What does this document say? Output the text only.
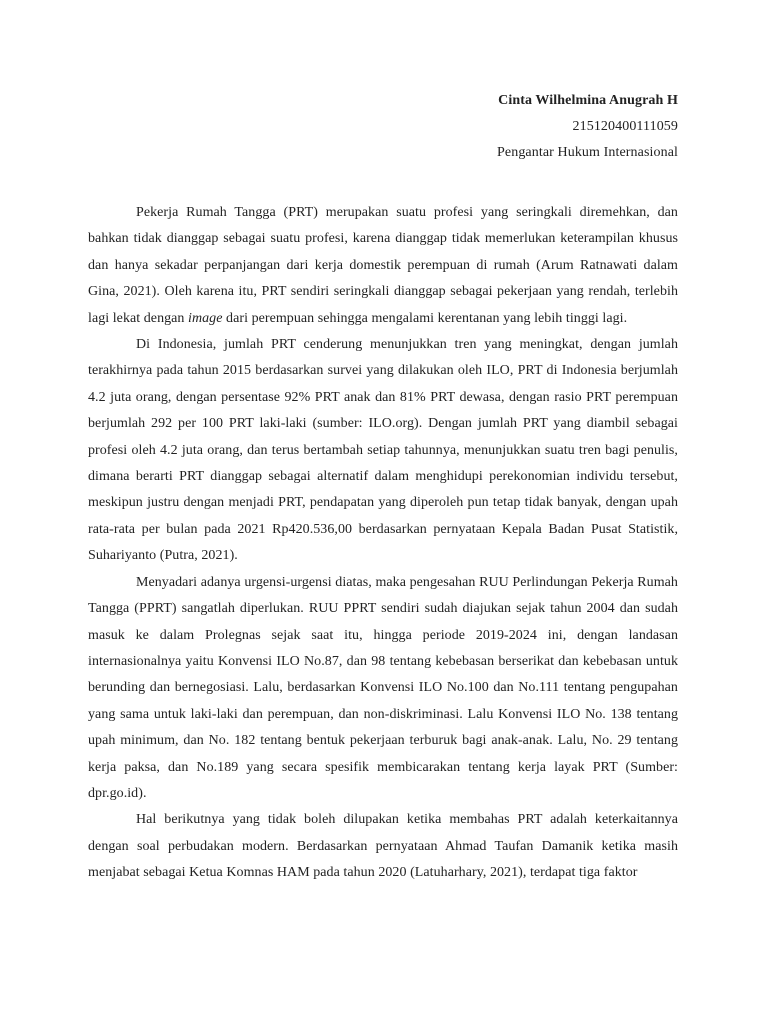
Cinta Wilhelmina Anugrah H
215120400111059
Pengantar Hukum Internasional

Pekerja Rumah Tangga (PRT) merupakan suatu profesi yang seringkali diremehkan, dan bahkan tidak dianggap sebagai suatu profesi, karena dianggap tidak memerlukan keterampilan khusus dan hanya sekadar perpanjangan dari kerja domestik perempuan di rumah (Arum Ratnawati dalam Gina, 2021). Oleh karena itu, PRT sendiri seringkali dianggap sebagai pekerjaan yang rendah, terlebih lagi lekat dengan image dari perempuan sehingga mengalami kerentanan yang lebih tinggi lagi.

Di Indonesia, jumlah PRT cenderung menunjukkan tren yang meningkat, dengan jumlah terakhirnya pada tahun 2015 berdasarkan survei yang dilakukan oleh ILO, PRT di Indonesia berjumlah 4.2 juta orang, dengan persentase 92% PRT anak dan 81% PRT dewasa, dengan rasio PRT perempuan berjumlah 292 per 100 PRT laki-laki (sumber: ILO.org). Dengan jumlah PRT yang diambil sebagai profesi oleh 4.2 juta orang, dan terus bertambah setiap tahunnya, menunjukkan suatu tren bagi penulis, dimana berarti PRT dianggap sebagai alternatif dalam menghidupi perekonomian individu tersebut, meskipun justru dengan menjadi PRT, pendapatan yang diperoleh pun tetap tidak banyak, dengan upah rata-rata per bulan pada 2021 Rp420.536,00 berdasarkan pernyataan Kepala Badan Pusat Statistik, Suhariyanto (Putra, 2021).

Menyadari adanya urgensi-urgensi diatas, maka pengesahan RUU Perlindungan Pekerja Rumah Tangga (PPRT) sangatlah diperlukan. RUU PPRT sendiri sudah diajukan sejak tahun 2004 dan sudah masuk ke dalam Prolegnas sejak saat itu, hingga periode 2019-2024 ini, dengan landasan internasionalnya yaitu Konvensi ILO No.87, dan 98 tentang kebebasan berserikat dan kebebasan untuk berunding dan bernegosiasi. Lalu, berdasarkan Konvensi ILO No.100 dan No.111 tentang pengupahan yang sama untuk laki-laki dan perempuan, dan non-diskriminasi. Lalu Konvensi ILO No. 138 tentang upah minimum, dan No. 182 tentang bentuk pekerjaan terburuk bagi anak-anak. Lalu, No. 29 tentang kerja paksa, dan No.189 yang secara spesifik membicarakan tentang kerja layak PRT (Sumber: dpr.go.id).

Hal berikutnya yang tidak boleh dilupakan ketika membahas PRT adalah keterkaitannya dengan soal perbudakan modern. Berdasarkan pernyataan Ahmad Taufan Damanik ketika masih menjabat sebagai Ketua Komnas HAM pada tahun 2020 (Latuharhary, 2021), terdapat tiga faktor
